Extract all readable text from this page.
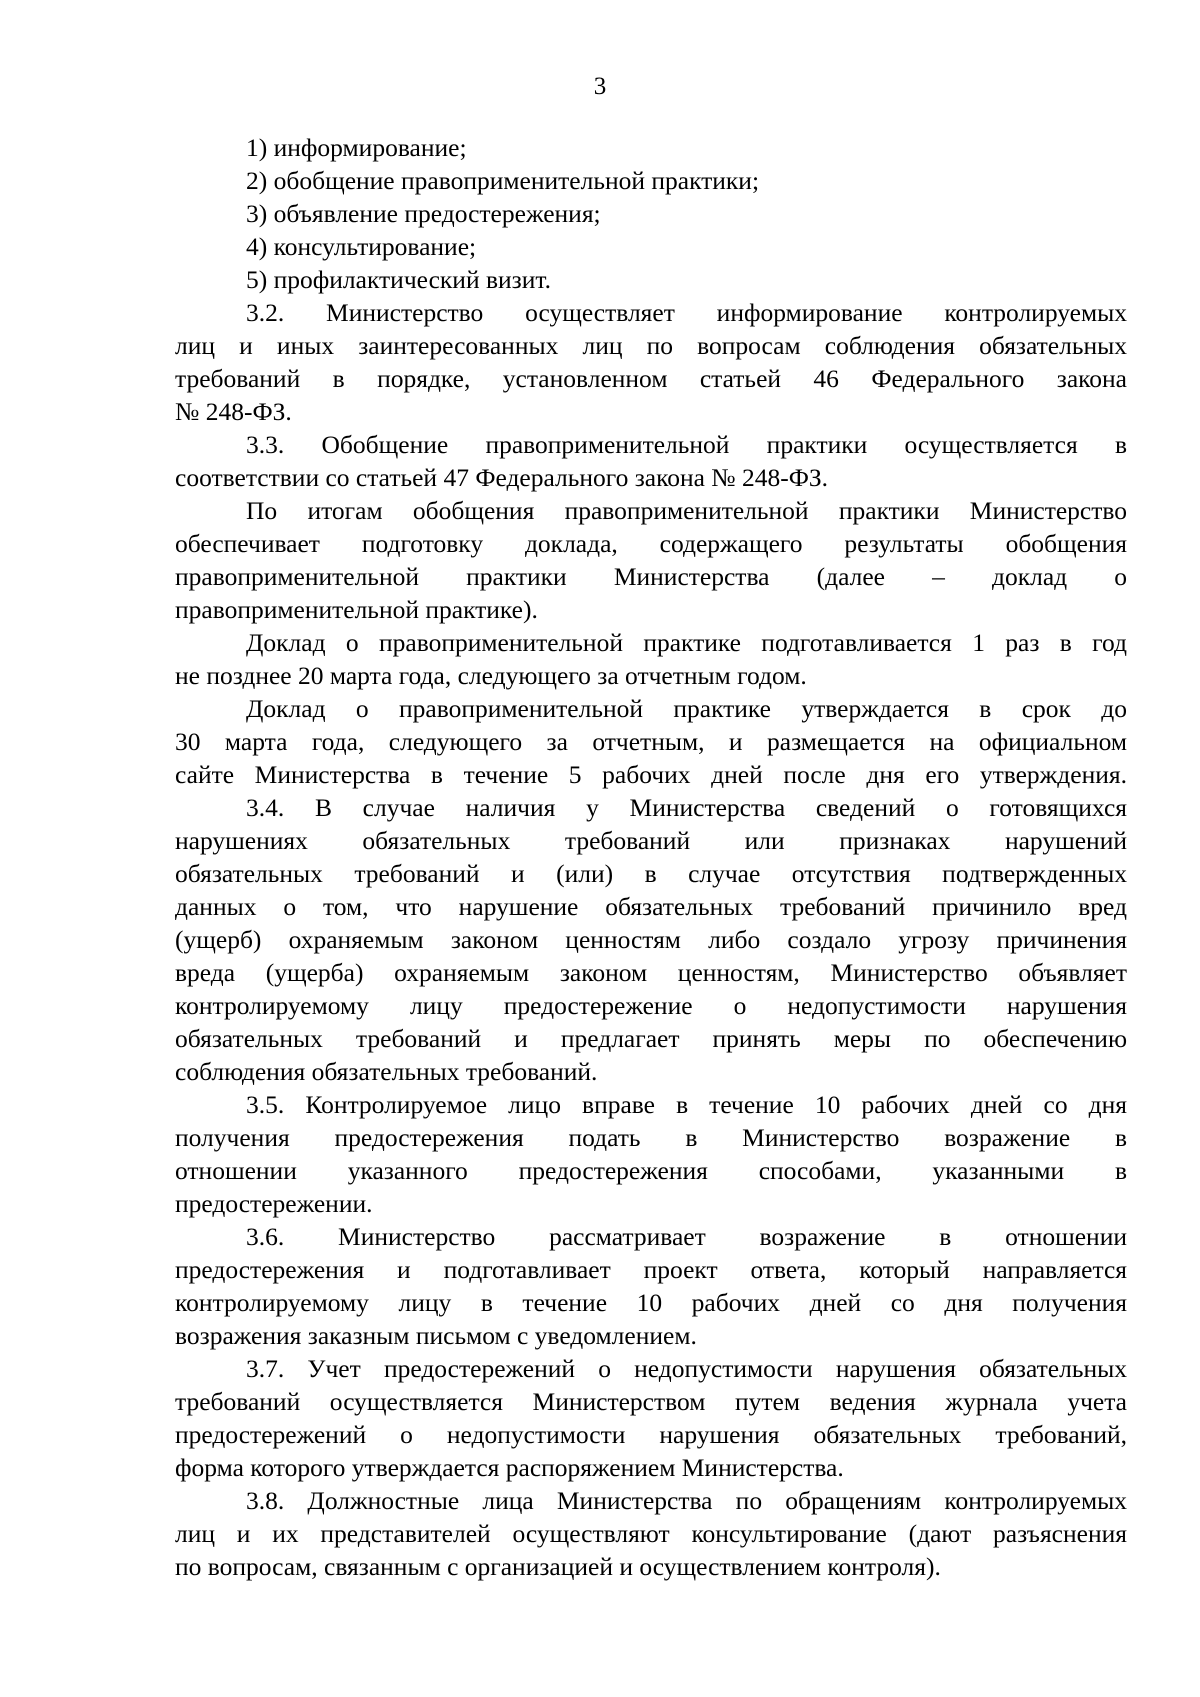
3
1) информирование;
2) обобщение правоприменительной практики;
3) объявление предостережения;
4) консультирование;
5) профилактический визит.
3.2. Министерство осуществляет информирование контролируемых
лиц и иных заинтересованных лиц по вопросам соблюдения обязательных
требований в порядке, установленном статьей 46 Федерального закона
№ 248-ФЗ.
3.3. Обобщение правоприменительной практики осуществляется в
соответствии со статьей 47 Федерального закона № 248-ФЗ.
По итогам обобщения правоприменительной практики Министерство
обеспечивает подготовку доклада, содержащего результаты обобщения
правоприменительной практики Министерства (далее – доклад о
правоприменительной практике).
Доклад о правоприменительной практике подготавливается 1 раз в год
не позднее 20 марта года, следующего за отчетным годом.
Доклад о правоприменительной практике утверждается в срок до
30 марта года, следующего за отчетным, и размещается на официальном
сайте Министерства в течение 5 рабочих дней после дня его утверждения.
3.4. В случае наличия у Министерства сведений о готовящихся
нарушениях обязательных требований или признаках нарушений
обязательных требований и (или) в случае отсутствия подтвержденных
данных о том, что нарушение обязательных требований причинило вред
(ущерб) охраняемым законом ценностям либо создало угрозу причинения
вреда (ущерба) охраняемым законом ценностям, Министерство объявляет
контролируемому лицу предостережение о недопустимости нарушения
обязательных требований и предлагает принять меры по обеспечению
соблюдения обязательных требований.
3.5. Контролируемое лицо вправе в течение 10 рабочих дней со дня
получения предостережения подать в Министерство возражение в
отношении указанного предостережения способами, указанными в
предостережении.
3.6. Министерство рассматривает возражение в отношении
предостережения и подготавливает проект ответа, который направляется
контролируемому лицу в течение 10 рабочих дней со дня получения
возражения заказным письмом с уведомлением.
3.7. Учет предостережений о недопустимости нарушения обязательных
требований осуществляется Министерством путем ведения журнала учета
предостережений о недопустимости нарушения обязательных требований,
форма которого утверждается распоряжением Министерства.
3.8. Должностные лица Министерства по обращениям контролируемых
лиц и их представителей осуществляют консультирование (дают разъяснения
по вопросам, связанным с организацией и осуществлением контроля).
